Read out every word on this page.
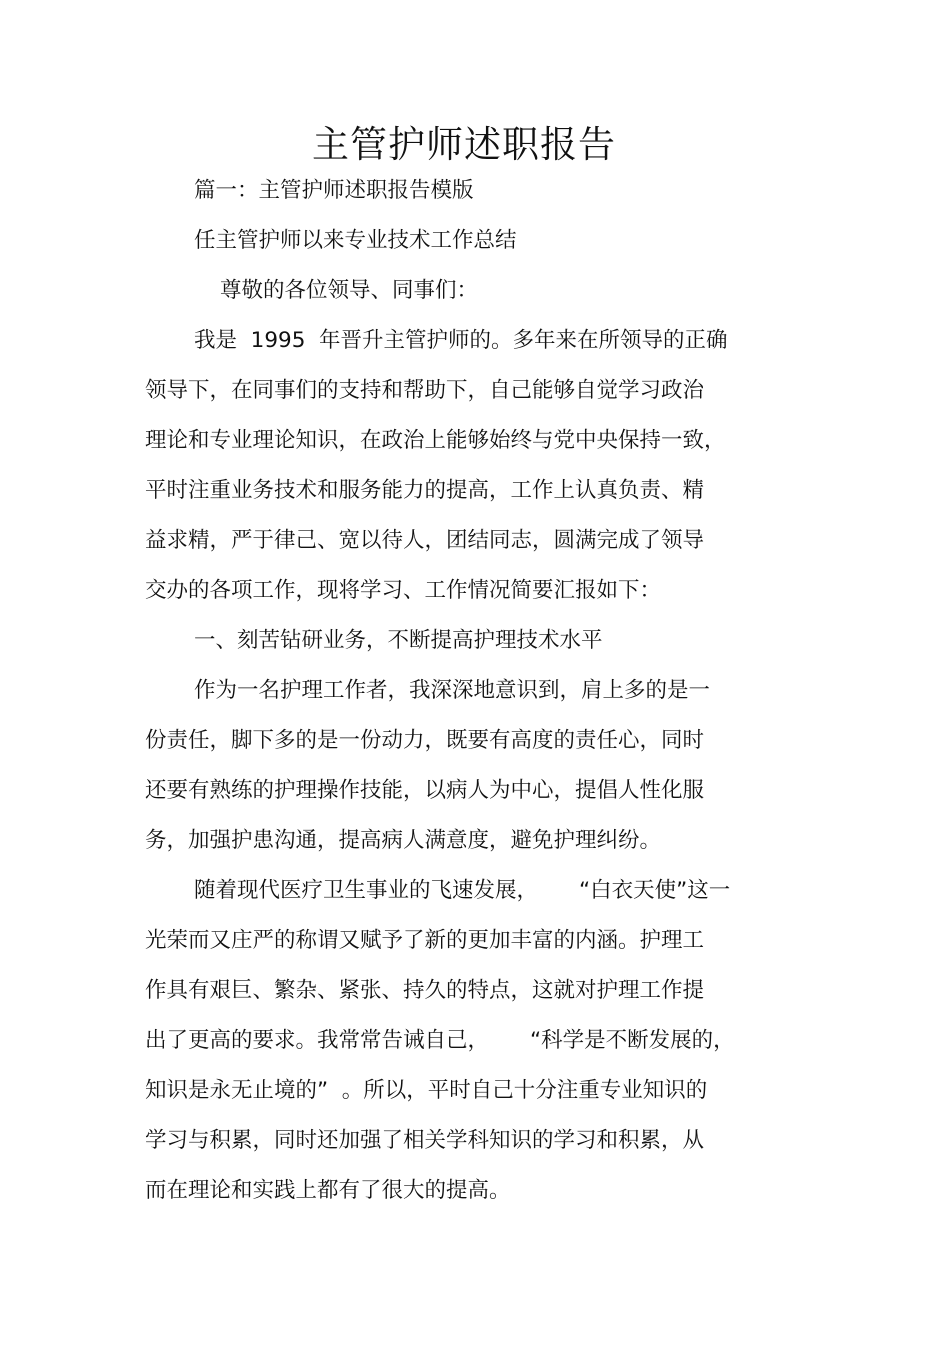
主管护师述职报告
篇一：主管护师述职报告模版
任主管护师以来专业技术工作总结
尊敬的各位领导、同事们：
我是  1995  年晋升主管护师的。多年来在所领导的正确
领导下，在同事们的支持和帮助下，自己能够自觉学习政治
理论和专业理论知识，在政治上能够始终与党中央保持一致，
平时注重业务技术和服务能力的提高，工作上认真负责、精
益求精，严于律己、宽以待人，团结同志，圆满完成了领导
交办的各项工作，现将学习、工作情况简要汇报如下：
一、刻苦钻研业务，不断提高护理技术水平
作为一名护理工作者，我深深地意识到，肩上多的是一
份责任，脚下多的是一份动力，既要有高度的责任心，同时
还要有熟练的护理操作技能，以病人为中心，提倡人性化服
务，加强护患沟通，提高病人满意度，避免护理纠纷。
随着现代医疗卫生事业的飞速发展，      “白衣天使”这一
光荣而又庄严的称谓又赋予了新的更加丰富的内涵。护理工
作具有艰巨、繁杂、紧张、持久的特点，这就对护理工作提
出了更高的要求。我常常告诫自己，      “科学是不断发展的，
知识是永无止境的”  。所以，平时自己十分注重专业知识的
学习与积累，同时还加强了相关学科知识的学习和积累，从
而在理论和实践上都有了很大的提高。
